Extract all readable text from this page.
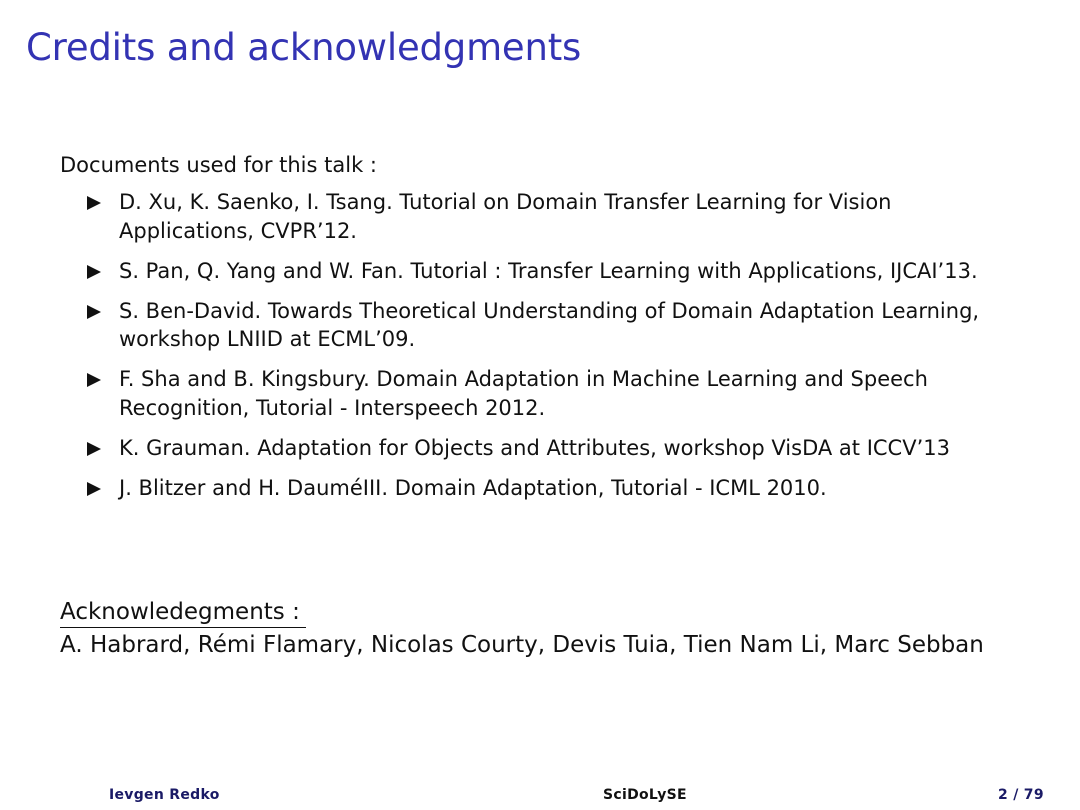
Credits and acknowledgments
Documents used for this talk :
D. Xu, K. Saenko, I. Tsang. Tutorial on Domain Transfer Learning for Vision
Applications, CVPR’12.
S. Pan, Q. Yang and W. Fan. Tutorial : Transfer Learning with Applications, IJCAI’13.
S. Ben-David. Towards Theoretical Understanding of Domain Adaptation Learning,
workshop LNIID at ECML’09.
F. Sha and B. Kingsbury. Domain Adaptation in Machine Learning and Speech
Recognition, Tutorial - Interspeech 2012.
K. Grauman. Adaptation for Objects and Attributes, workshop VisDA at ICCV’13
J. Blitzer and H. DauméIII. Domain Adaptation, Tutorial - ICML 2010.
Acknowledegments :
A. Habrard, Rémi Flamary, Nicolas Courty, Devis Tuia, Tien Nam Li, Marc Sebban
Ievgen Redko	SciDoLySE	2 / 79
